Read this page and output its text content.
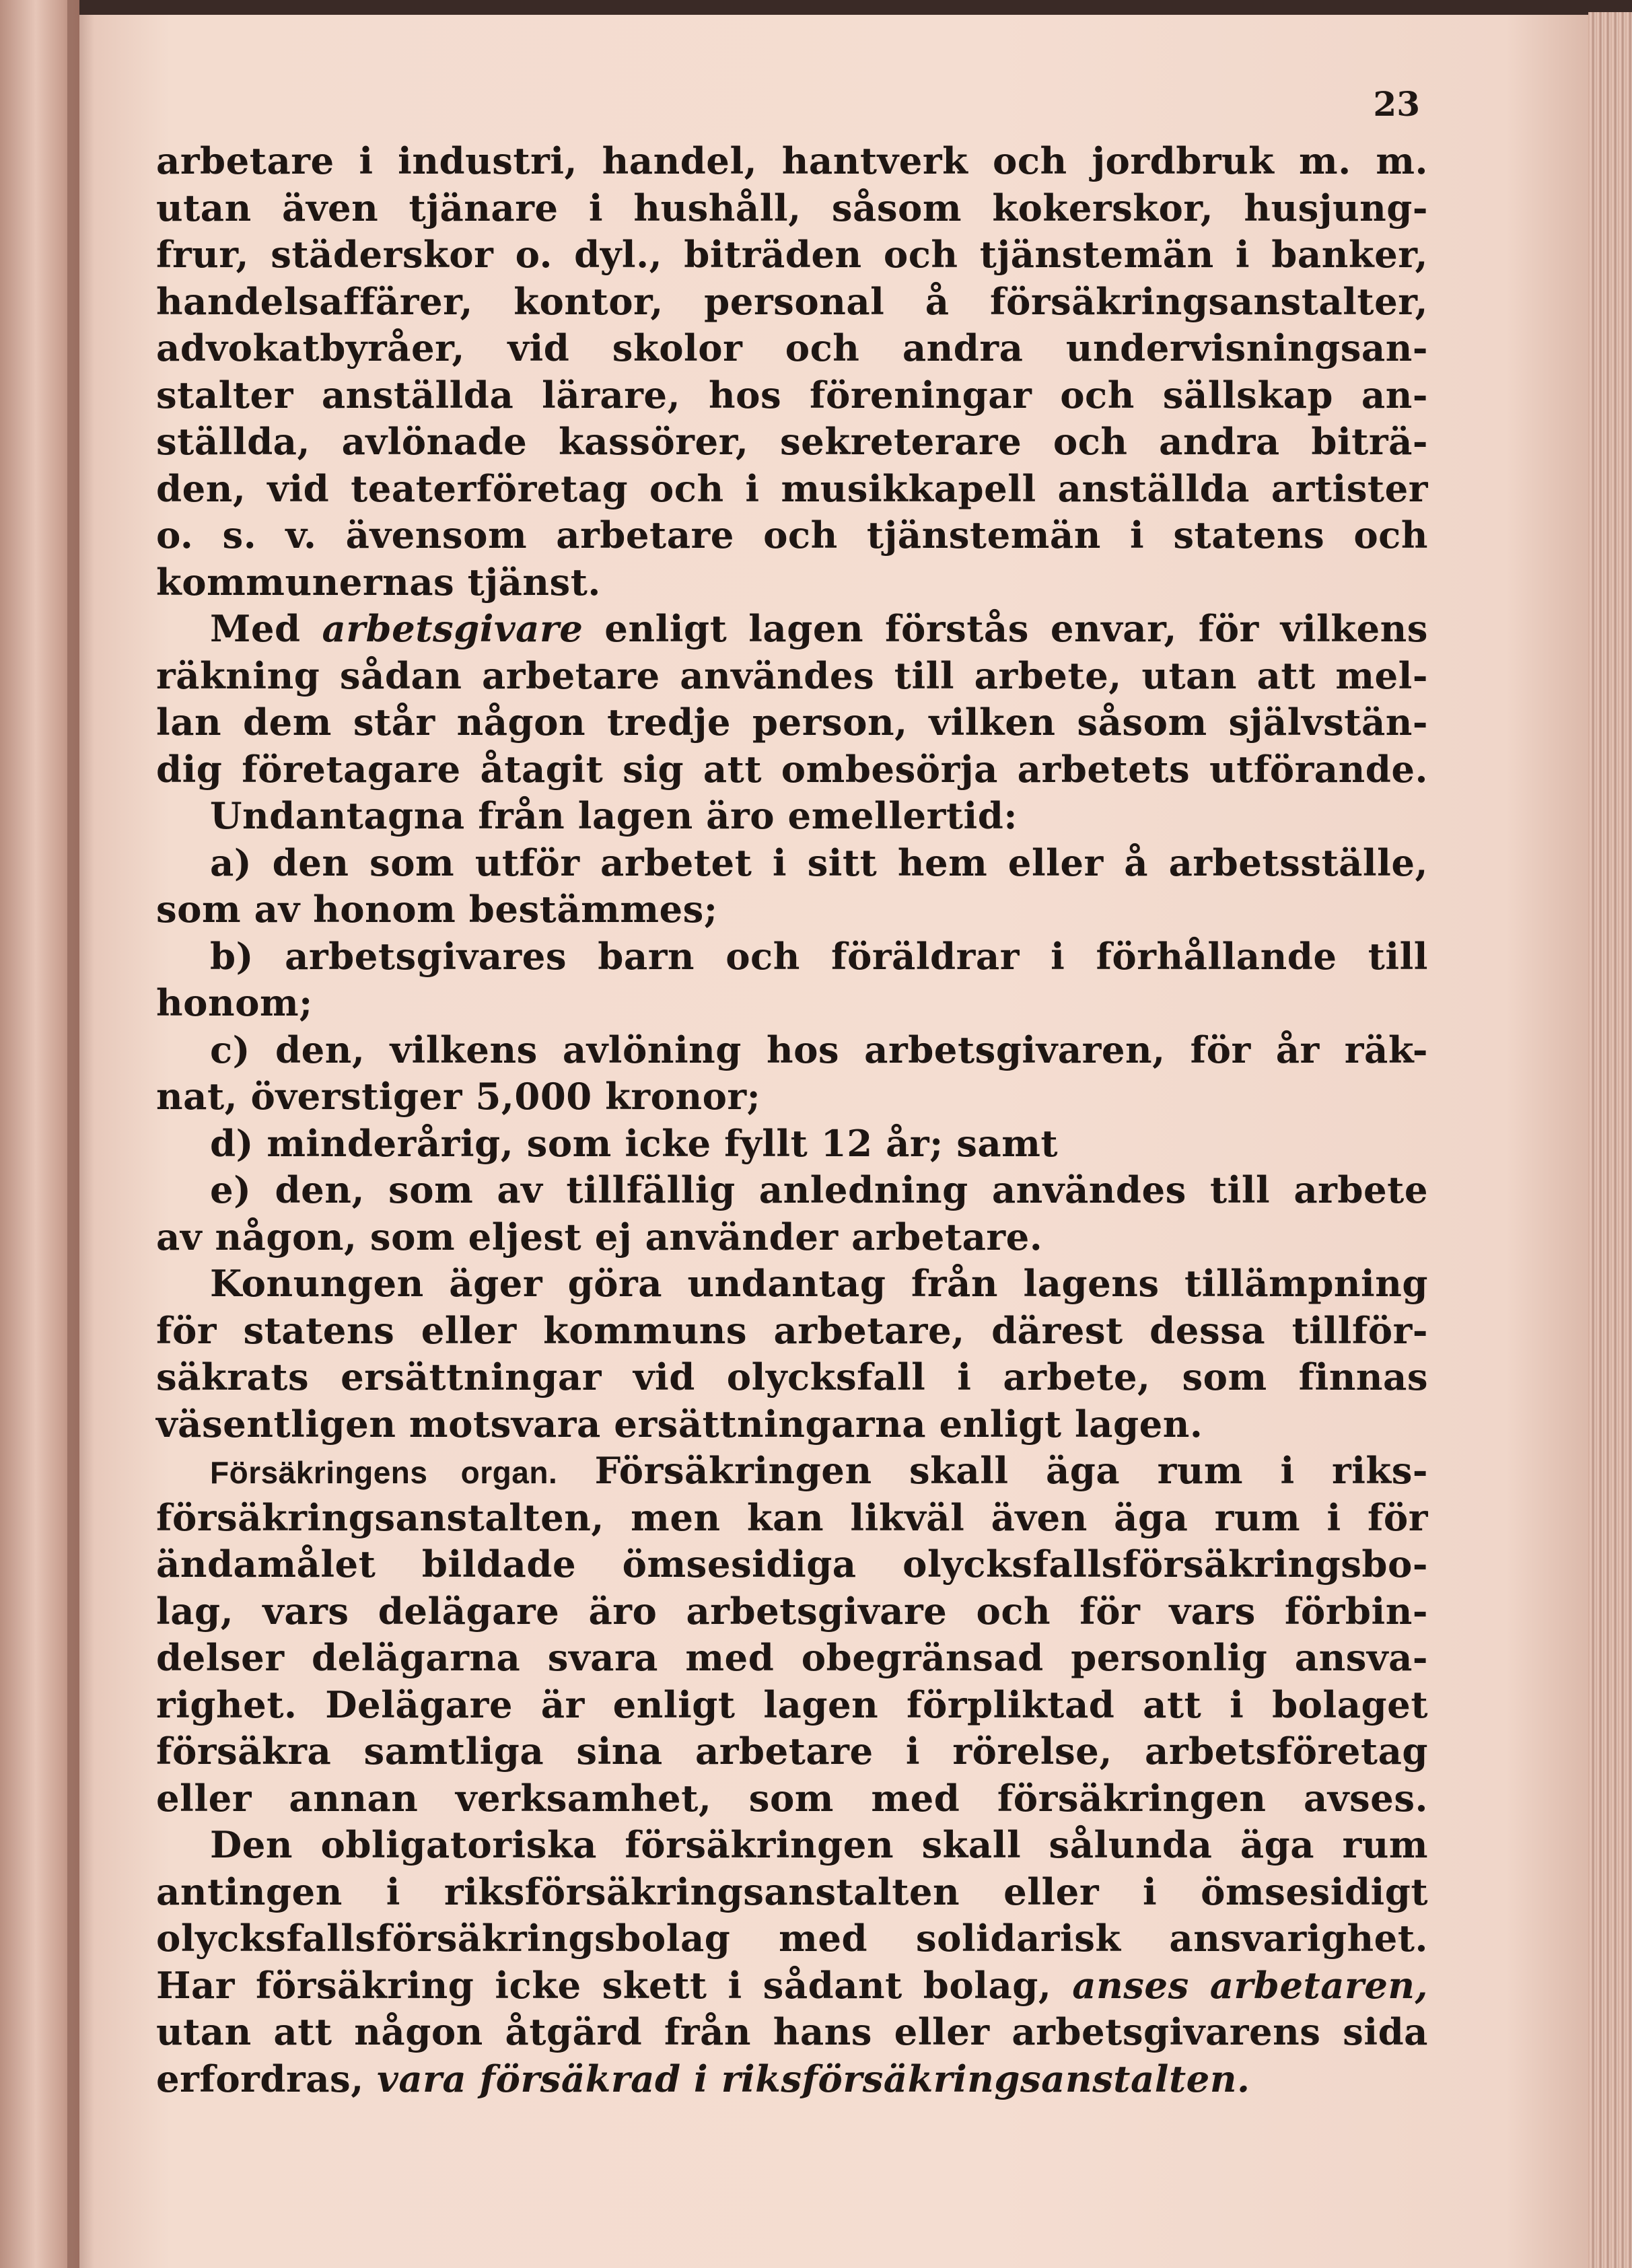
23
arbetare i industri, handel, hantverk och jordbruk m. m.
utan även tjänare i hushåll, såsom kokerskor, husjung-
frur, städerskor o. dyl., biträden och tjänstemän i banker,
handelsaffärer, kontor, personal å försäkringsanstalter,
advokatbyråer, vid skolor och andra undervisningsan-
stalter anställda lärare, hos föreningar och sällskap an-
ställda, avlönade kassörer, sekreterare och andra biträ-
den, vid teaterföretag och i musikkapell anställda artister
o. s. v. ävensom arbetare och tjänstemän i statens och
kommunernas tjänst.
Med arbetsgivare enligt lagen förstås envar, för vilkens
räkning sådan arbetare användes till arbete, utan att mel-
lan dem står någon tredje person, vilken såsom självstän-
dig företagare åtagit sig att ombesörja arbetets utförande.
Undantagna från lagen äro emellertid:
a) den som utför arbetet i sitt hem eller å arbetsställe,
som av honom bestämmes;
b) arbetsgivares barn och föräldrar i förhållande till
honom;
c) den, vilkens avlöning hos arbetsgivaren, för år räk-
nat, överstiger 5,000 kronor;
d) minderårig, som icke fyllt 12 år; samt
e) den, som av tillfällig anledning användes till arbete
av någon, som eljest ej använder arbetare.
Konungen äger göra undantag från lagens tillämpning
för statens eller kommuns arbetare, därest dessa tillför-
säkrats ersättningar vid olycksfall i arbete, som finnas
väsentligen motsvara ersättningarna enligt lagen.
Försäkringens organ. Försäkringen skall äga rum i riks-
försäkringsanstalten, men kan likväl även äga rum i för
ändamålet bildade ömsesidiga olycksfallsförsäkringsbo-
lag, vars delägare äro arbetsgivare och för vars förbin-
delser delägarna svara med obegränsad personlig ansva-
righet. Delägare är enligt lagen förpliktad att i bolaget
försäkra samtliga sina arbetare i rörelse, arbetsföretag
eller annan verksamhet, som med försäkringen avses.
Den obligatoriska försäkringen skall sålunda äga rum
antingen i riksförsäkringsanstalten eller i ömsesidigt
olycksfallsförsäkringsbolag med solidarisk ansvarighet.
Har försäkring icke skett i sådant bolag, anses arbetaren,
utan att någon åtgärd från hans eller arbetsgivarens sida
erfordras, vara försäkrad i riksförsäkringsanstalten.
